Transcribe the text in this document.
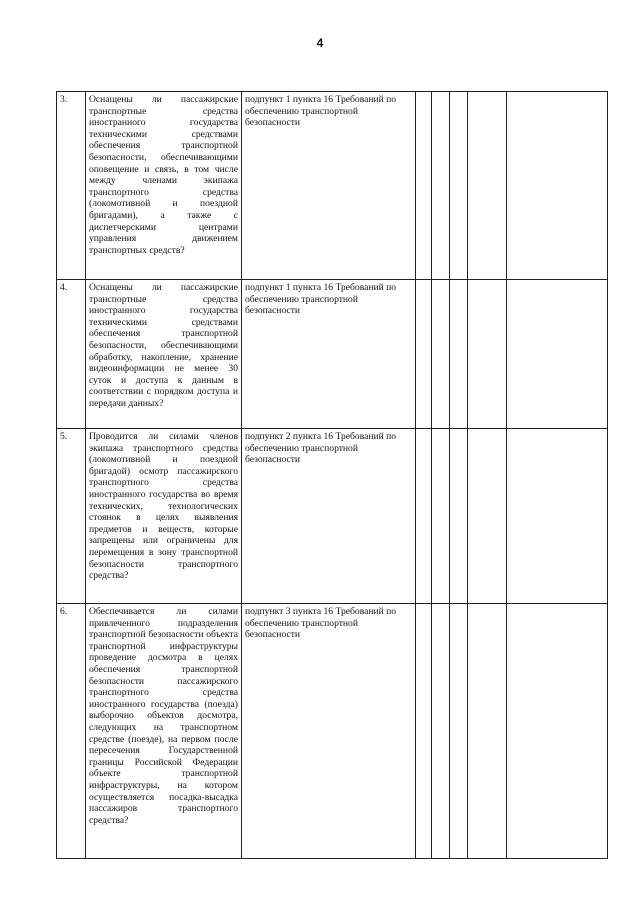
4
3.	Оснащены ли пассажирские транспортные средства иностранного государства техническими средствами обеспечения транспортной безопасности, обеспечивающими оповещение и связь, в том числе между членами экипажа транспортного средства (локомотивной и поездной бригадами), а также с диспетчерскими центрами управления движением транспортных средств?	подпункт 1 пункта 16 Требований по обеспечению транспортной безопасности					
4.	Оснащены ли пассажирские транспортные средства иностранного государства техническими средствами обеспечения транспортной безопасности, обеспечивающими обработку, накопление, хранение видеоинформации не менее 30 суток и доступа к данным в соответствии с порядком доступа и передачи данных?	подпункт 1 пункта 16 Требований по обеспечению транспортной безопасности					
5.	Проводится ли силами членов экипажа транспортного средства (локомотивной и поездной бригадой) осмотр пассажирского транспортного средства иностранного государства во время технических, технологических стоянок в целях выявления предметов и веществ, которые запрещены или ограничены для перемещения в зону транспортной безопасности транспортного средства?	подпункт 2 пункта 16 Требований по обеспечению транспортной безопасности					
6.	Обеспечивается ли силами привлеченного подразделения транспортной безопасности объекта транспортной инфраструктуры проведение досмотра в целях обеспечения транспортной безопасности пассажирского транспортного средства иностранного государства (поезда) выборочно объектов досмотра, следующих на транспортном средстве (поезде), на первом после пересечения Государственной границы Российской Федерации объекте транспортной инфраструктуры, на котором осуществляется посадка-высадка пассажиров транспортного средства?	подпункт 3 пункта 16 Требований по обеспечению транспортной безопасности					
